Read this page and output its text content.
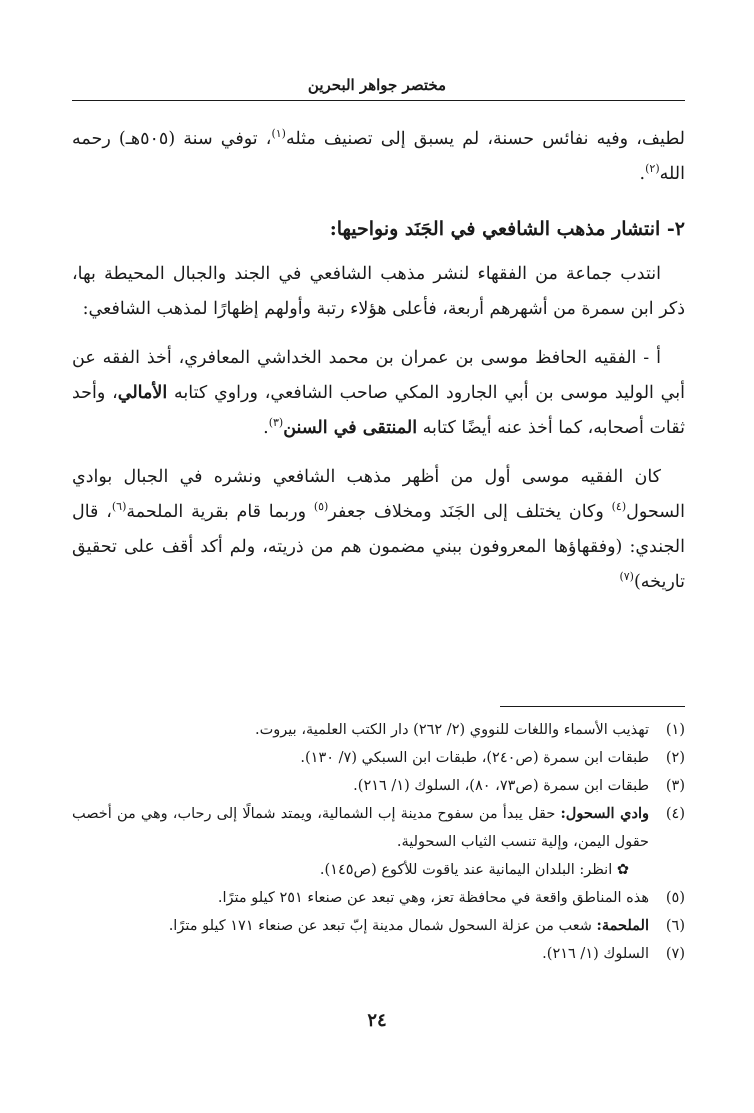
مختصر جواهر البحرين

لطيف، وفيه نفائس حسنة، لم يسبق إلى تصنيف مثله$^{(١)}$، توفي سنة (٥٠٥هـ) رحمه الله$^{(٢)}$.

٢- انتشار مذهب الشافعي في الجَنَد ونواحيها:

انتدب جماعة من الفقهاء لنشر مذهب الشافعي في الجند والجبال المحيطة بها، ذكر ابن سمرة من أشهرهم أربعة، فأعلى هؤلاء رتبة وأولهم إظهارًا لمذهب الشافعي:

أ - الفقيه الحافظ موسى بن عمران بن محمد الخداشي المعافري، أخذ الفقه عن أبي الوليد موسى بن أبي الجارود المكي صاحب الشافعي، وراوي كتابه الأمالي، وأحد ثقات أصحابه، كما أخذ عنه أيضًا كتابه المنتقى في السنن$^{(٣)}$.

كان الفقيه موسى أول من أظهر مذهب الشافعي ونشره في الجبال بوادي السحول$^{(٤)}$ وكان يختلف إلى الجَنَد ومخلاف جعفر$^{(٥)}$ وربما قام بقرية الملحمة$^{(٦)}$، قال الجندي: (وفقهاؤها المعروفون ببني مضمون هم من ذريته، ولم أكد أقف على تحقيق تاريخه)$^{(٧)}$

(١)
تهذيب الأسماء واللغات للنووي (٢/ ٢٦٢) دار الكتب العلمية، بيروت.
(٢)
طبقات ابن سمرة (ص٢٤٠)، طبقات ابن السبكي (٧/ ١٣٠).
(٣)
طبقات ابن سمرة (ص٧٣، ٨٠)، السلوك (١/ ٢١٦).
(٤)
وادي السحول: حقل يبدأ من سفوح مدينة إب الشمالية، ويمتد شمالًا إلى رحاب، وهي من أخصب حقول اليمن، وإلية تنسب الثياب السحولية.
✿ انظر: البلدان اليمانية عند ياقوت للأكوع (ص١٤٥).
(٥)
هذه المناطق واقعة في محافظة تعز، وهي تبعد عن صنعاء ٢٥١ كيلو مترًا.
(٦)
الملحمة: شعب من عزلة السحول شمال مدينة إبّ تبعد عن صنعاء ١٧١ كيلو مترًا.
(٧)
السلوك (١/ ٢١٦).
٢٤
